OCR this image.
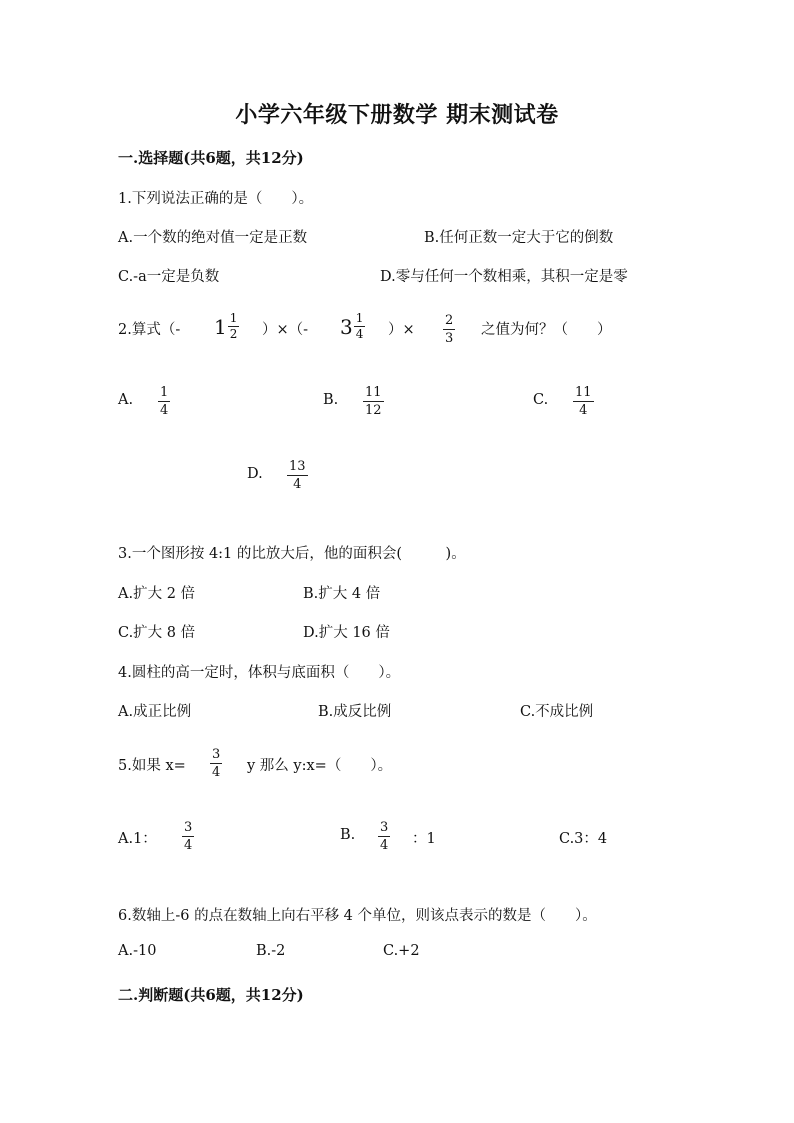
小学六年级下册数学 期末测试卷
一.选择题(共6题，共12分)
1.下列说法正确的是（　　）。
A.一个数的绝对值一定是正数	B.任何正数一定大于它的倒数
C.-a一定是负数	D.零与任何一个数相乘，其积一定是零
2.算式（- $1 \frac{1}{2}$ ）×（- $3 \frac{1}{4}$ ）× $\frac{2}{3}$ 之值为何？（　　）
A. $\frac{1}{4}$	B. $\frac{11}{12}$	C. $\frac{11}{4}$
D. $\frac{13}{4}$
3.一个图形按 4:1 的比放大后，他的面积会(　　　)。
A.扩大 2 倍	B.扩大 4 倍
C.扩大 8 倍	D.扩大 16 倍
4.圆柱的高一定时，体积与底面积（　　）。
A.成正比例	B.成反比例	C.不成比例
5.如果 $x= \frac{3}{4}$ y 那么 y:x=（　　）。
A.1： $\frac{3}{4}$	B. $\frac{3}{4}$ ：1	C.3：4
6.数轴上-6 的点在数轴上向右平移 4 个单位，则该点表示的数是（　　）。
A.-10	B.-2	C.+2
二.判断题(共6题，共12分)
